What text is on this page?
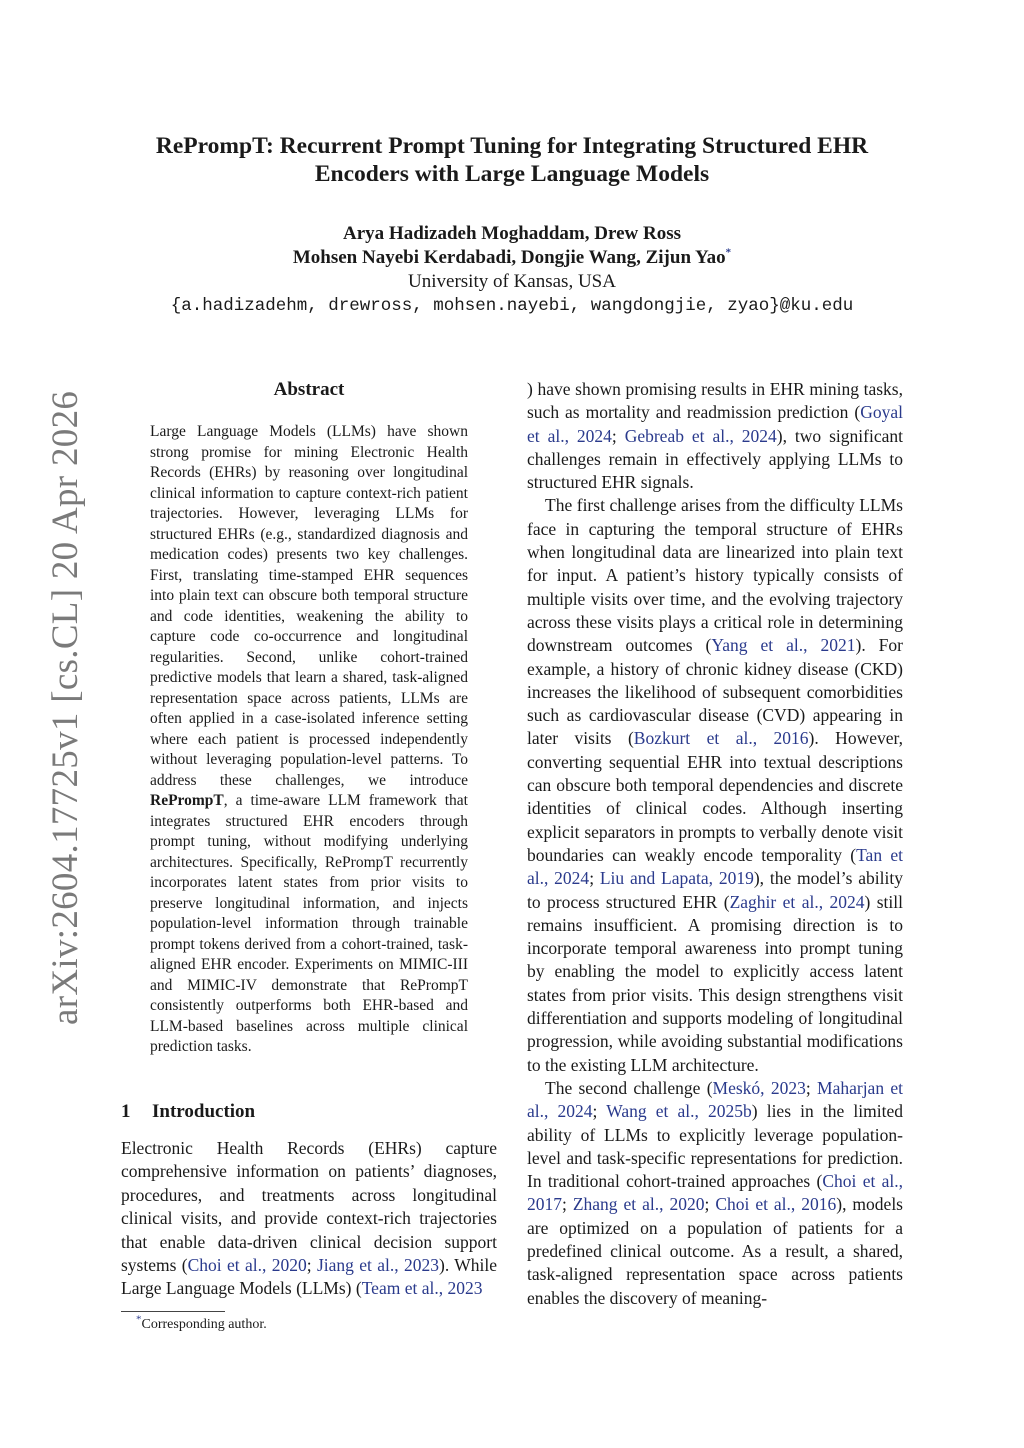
arXiv:2604.17725v1 [cs.CL] 20 Apr 2026
RePrompT: Recurrent Prompt Tuning for Integrating Structured EHR
Encoders with Large Language Models
Arya Hadizadeh Moghaddam, Drew Ross
Mohsen Nayebi Kerdabadi, Dongjie Wang, Zijun Yao*
University of Kansas, USA
{a.hadizadehm, drewross, mohsen.nayebi, wangdongjie, zyao}@ku.edu
Abstract

Large Language Models (LLMs) have shown strong promise for mining Electronic Health Records (EHRs) by reasoning over longitudinal clinical information to capture context-rich patient trajectories. However, leveraging LLMs for structured EHRs (e.g., standardized diagnosis and medication codes) presents two key challenges. First, translating time-stamped EHR sequences into plain text can obscure both temporal structure and code identities, weakening the ability to capture code co-occurrence and longitudinal regularities. Second, unlike cohort-trained predictive models that learn a shared, task-aligned representation space across patients, LLMs are often applied in a case-isolated inference setting where each patient is processed independently without leveraging population-level patterns. To address these challenges, we introduce RePrompT, a time-aware LLM framework that integrates structured EHR encoders through prompt tuning, without modifying underlying architectures. Specifically, RePrompT recurrently incorporates latent states from prior visits to preserve longitudinal information, and injects population-level information through trainable prompt tokens derived from a cohort-trained, task-aligned EHR encoder. Experiments on MIMIC-III and MIMIC-IV demonstrate that RePrompT consistently outperforms both EHR-based and LLM-based baselines across multiple clinical prediction tasks.

1 Introduction

Electronic Health Records (EHRs) capture comprehensive information on patients’ diagnoses, procedures, and treatments across longitudinal clinical visits, and provide context-rich trajectories that enable data-driven clinical decision support systems (Choi et al., 2020; Jiang et al., 2023). While Large Language Models (LLMs) (Team et al., 2023

*Corresponding author.

) have shown promising results in EHR mining tasks, such as mortality and readmission prediction (Goyal et al., 2024; Gebreab et al., 2024), two significant challenges remain in effectively applying LLMs to structured EHR signals.

The first challenge arises from the difficulty LLMs face in capturing the temporal structure of EHRs when longitudinal data are linearized into plain text for input. A patient’s history typically consists of multiple visits over time, and the evolving trajectory across these visits plays a critical role in determining downstream outcomes (Yang et al., 2021). For example, a history of chronic kidney disease (CKD) increases the likelihood of subsequent comorbidities such as cardiovascular disease (CVD) appearing in later visits (Bozkurt et al., 2016). However, converting sequential EHR into textual descriptions can obscure both temporal dependencies and discrete identities of clinical codes. Although inserting explicit separators in prompts to verbally denote visit boundaries can weakly encode temporality (Tan et al., 2024; Liu and Lapata, 2019), the model’s ability to process structured EHR (Zaghir et al., 2024) still remains insufficient. A promising direction is to incorporate temporal awareness into prompt tuning by enabling the model to explicitly access latent states from prior visits. This design strengthens visit differentiation and supports modeling of longitudinal progression, while avoiding substantial modifications to the existing LLM architecture.

The second challenge (Meskó, 2023; Maharjan et al., 2024; Wang et al., 2025b) lies in the limited ability of LLMs to explicitly leverage population-level and task-specific representations for prediction. In traditional cohort-trained approaches (Choi et al., 2017; Zhang et al., 2020; Choi et al., 2016), models are optimized on a population of patients for a predefined clinical outcome. As a result, a shared, task-aligned representation space across patients enables the discovery of meaning-
